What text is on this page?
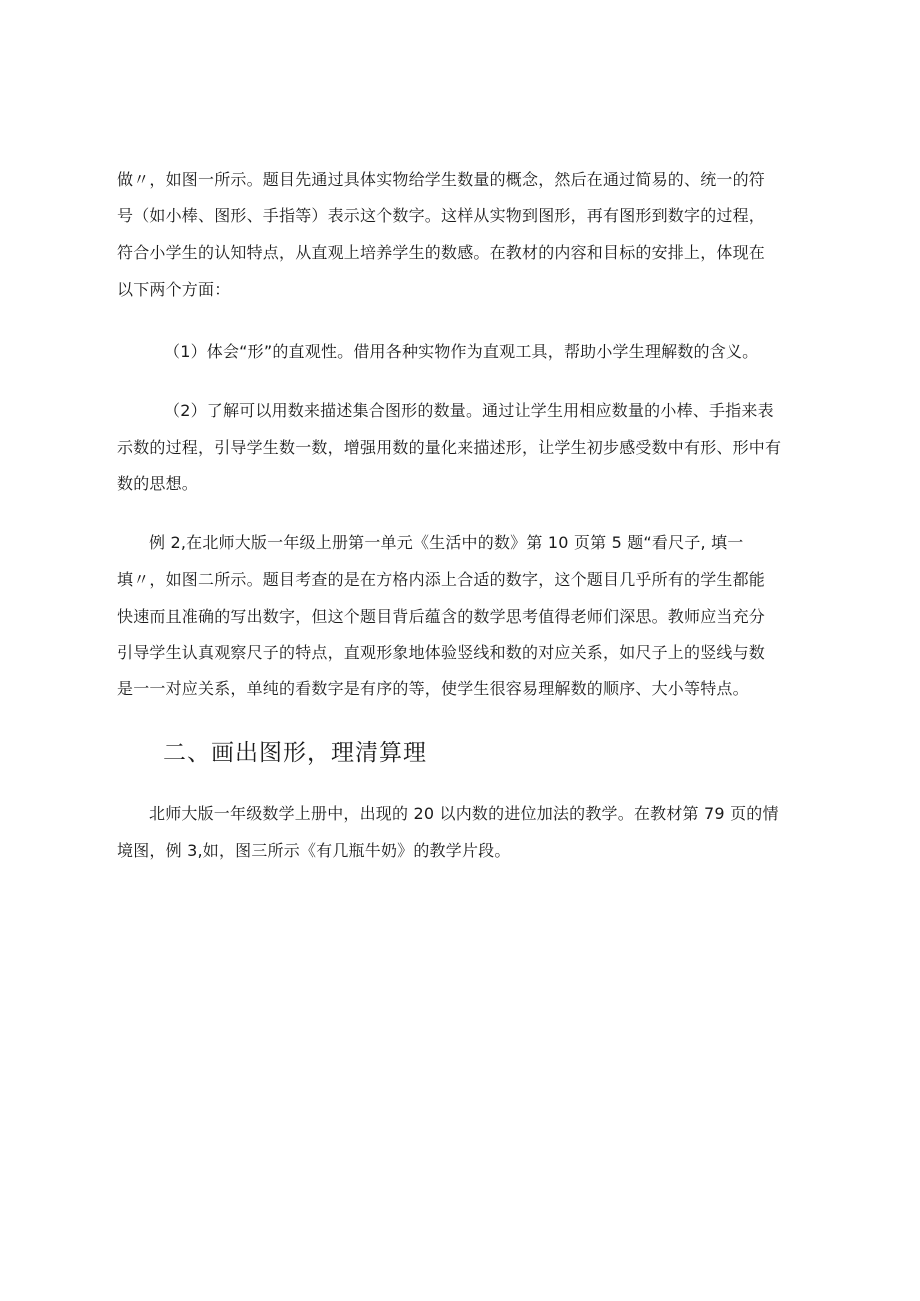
做〃，如图一所示。题目先通过具体实物给学生数量的概念，然后在通过简易的、统一的符
号（如小棒、图形、手指等）表示这个数字。这样从实物到图形，再有图形到数字的过程，
符合小学生的认知特点，从直观上培养学生的数感。在教材的内容和目标的安排上，体现在
以下两个方面：
（1）体会“形”的直观性。借用各种实物作为直观工具，帮助小学生理解数的含义。
（2）了解可以用数来描述集合图形的数量。通过让学生用相应数量的小棒、手指来表
示数的过程，引导学生数一数，增强用数的量化来描述形，让学生初步感受数中有形、形中有
数的思想。
例 2,在北师大版一年级上册第一单元《生活中的数》第 10 页第 5 题“看尺子, 填一
填〃，如图二所示。题目考查的是在方格内添上合适的数字，这个题目几乎所有的学生都能
快速而且准确的写出数字，但这个题目背后蕴含的数学思考值得老师们深思。教师应当充分
引导学生认真观察尺子的特点，直观形象地体验竖线和数的对应关系，如尺子上的竖线与数
是一一对应关系，单纯的看数字是有序的等，使学生很容易理解数的顺序、大小等特点。
二、画出图形，理清算理
北师大版一年级数学上册中，出现的 20 以内数的进位加法的教学。在教材第 79 页的情
境图，例 3,如，图三所示《有几瓶牛奶》的教学片段。
